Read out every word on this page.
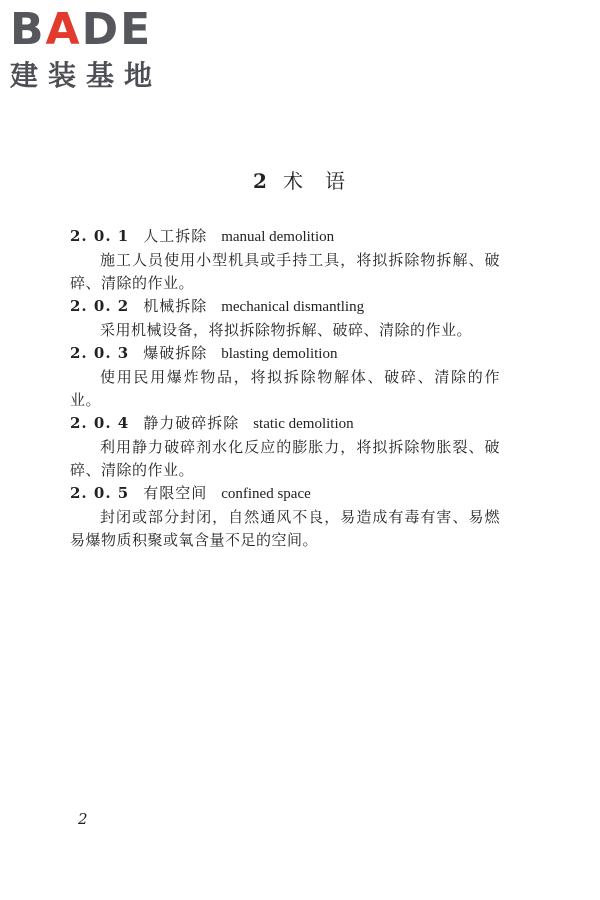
BADE
建装基地
2 术语
2. 0. 1 人工拆除 manual demolition
施工人员使用小型机具或手持工具，将拟拆除物拆解、破碎、清除的作业。
2. 0. 2 机械拆除 mechanical dismantling
采用机械设备，将拟拆除物拆解、破碎、清除的作业。
2. 0. 3 爆破拆除 blasting demolition
使用民用爆炸物品，将拟拆除物解体、破碎、清除的作业。
2. 0. 4 静力破碎拆除 static demolition
利用静力破碎剂水化反应的膨胀力，将拟拆除物胀裂、破碎、清除的作业。
2. 0. 5 有限空间 confined space
封闭或部分封闭，自然通风不良，易造成有毒有害、易燃易爆物质积聚或氧含量不足的空间。
2
